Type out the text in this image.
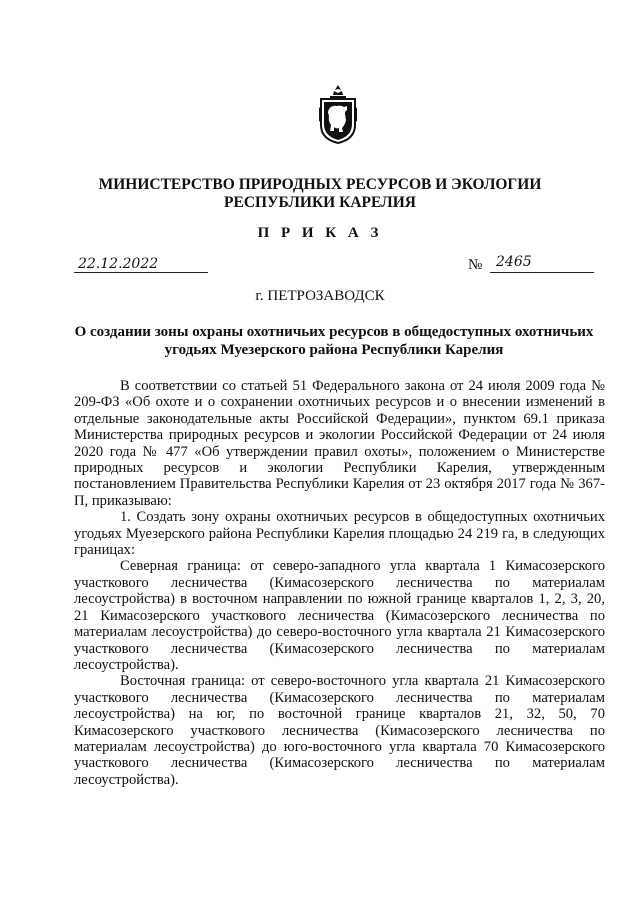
МИНИСТЕРСТВО ПРИРОДНЫХ РЕСУРСОВ И ЭКОЛОГИИ
РЕСПУБЛИКИ КАРЕЛИЯ
П Р И К А З
22.12.2022	№ 2465
г. ПЕТРОЗАВОДСК
О создании зоны охраны охотничьих ресурсов в общедоступных охотничьих
угодьях Муезерского района Республики Карелия

В соответствии со статьей 51 Федерального закона от 24 июля 2009 года № 209-ФЗ «Об охоте и о сохранении охотничьих ресурсов и о внесении изменений в отдельные законодательные акты Российской Федерации», пунктом 69.1 приказа Министерства природных ресурсов и экологии Российской Федерации от 24 июля 2020 года № 477 «Об утверждении правил охоты», положением о Министерстве природных ресурсов и экологии Республики Карелия, утвержденным постановлением Правительства Республики Карелия от 23 октября 2017 года № 367-П, приказываю:

1. Создать зону охраны охотничьих ресурсов в общедоступных охотничьих угодьях Муезерского района Республики Карелия площадью 24 219 га, в следующих границах:

Северная граница: от северо-западного угла квартала 1 Кимасозерского участкового лесничества (Кимасозерского лесничества по материалам лесоустройства) в восточном направлении по южной границе кварталов 1, 2, 3, 20, 21 Кимасозерского участкового лесничества (Кимасозерского лесничества по материалам лесоустройства) до северо-восточного угла квартала 21 Кимасозерского участкового лесничества (Кимасозерского лесничества по материалам лесоустройства).

Восточная граница: от северо-восточного угла квартала 21 Кимасозерского участкового лесничества (Кимасозерского лесничества по материалам лесоустройства) на юг, по восточной границе кварталов 21, 32, 50, 70 Кимасозерского участкового лесничества (Кимасозерского лесничества по материалам лесоустройства) до юго-восточного угла квартала 70 Кимасозерского участкового лесничества (Кимасозерского лесничества по материалам лесоустройства).
